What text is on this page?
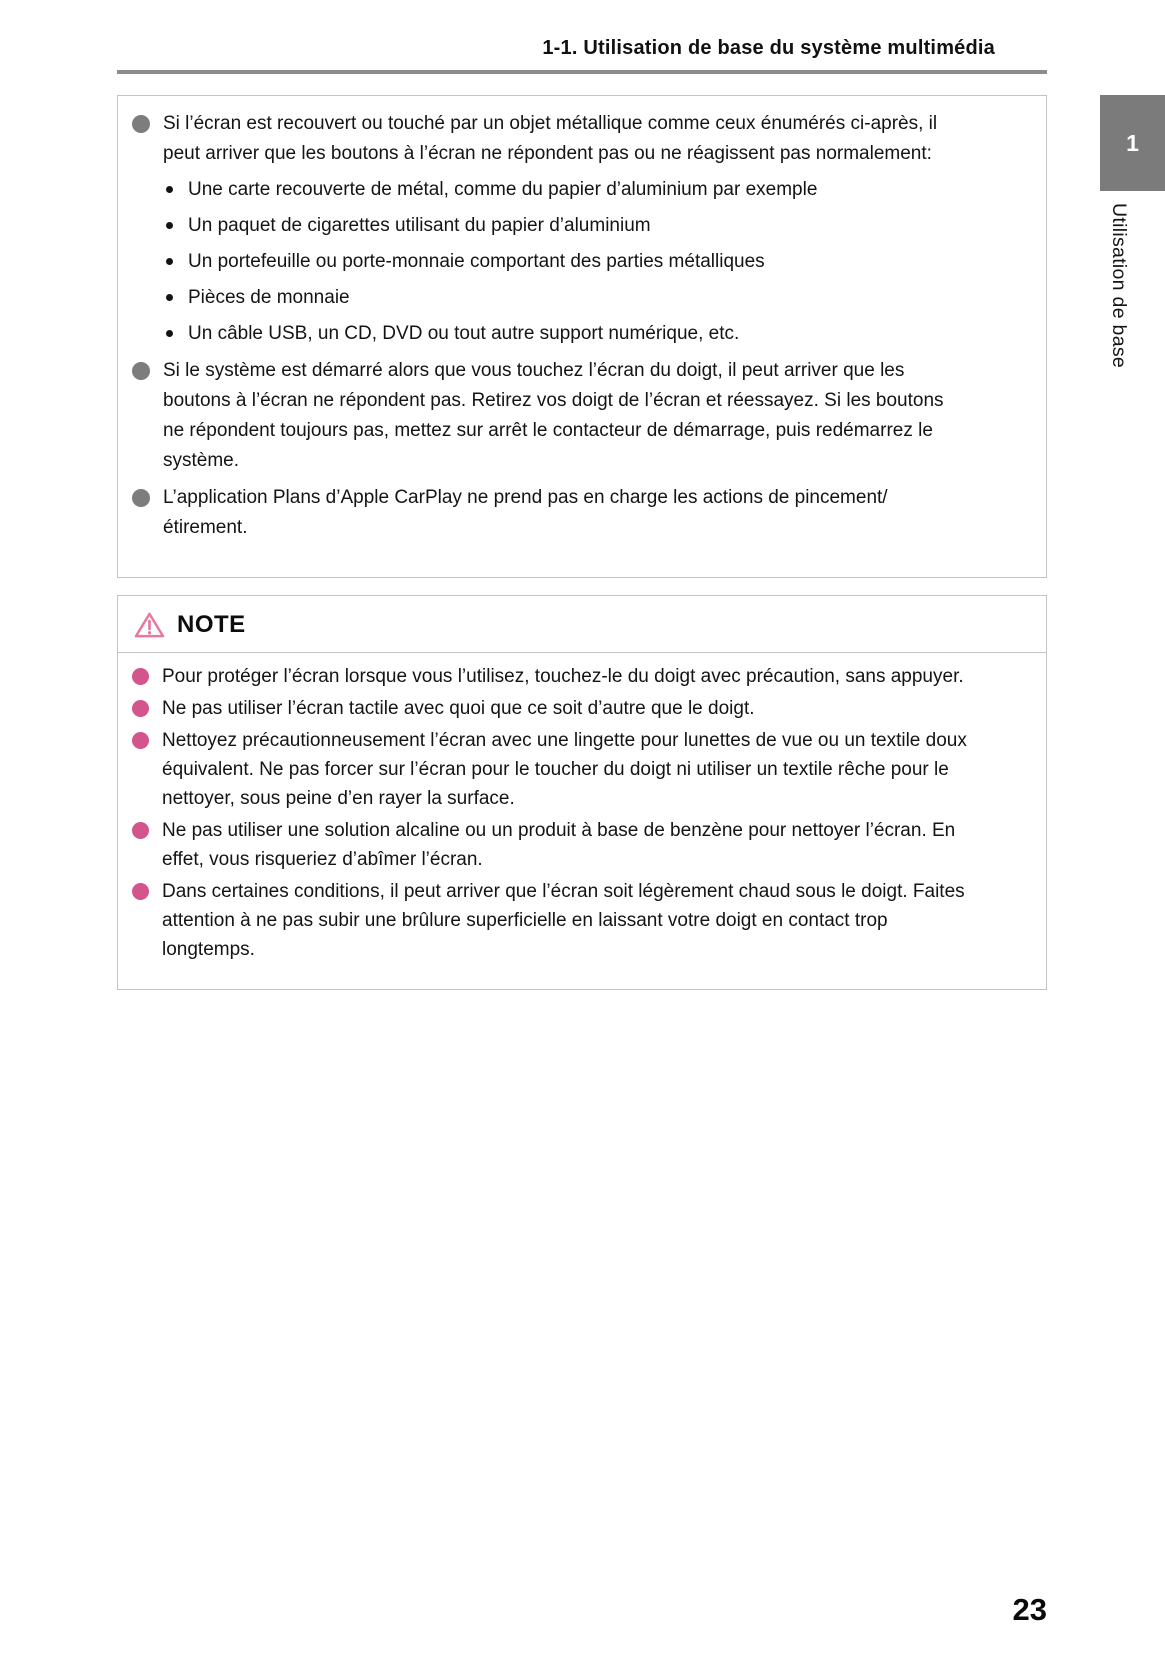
1-1. Utilisation de base du système multimédia
1
Utilisation de base
Si l’écran est recouvert ou touché par un objet métallique comme ceux énumérés ci-après, il peut arriver que les boutons à l’écran ne répondent pas ou ne réagissent pas normalement:
Une carte recouverte de métal, comme du papier d’aluminium par exemple
Un paquet de cigarettes utilisant du papier d’aluminium
Un portefeuille ou porte-monnaie comportant des parties métalliques
Pièces de monnaie
Un câble USB, un CD, DVD ou tout autre support numérique, etc.
Si le système est démarré alors que vous touchez l’écran du doigt, il peut arriver que les boutons à l’écran ne répondent pas. Retirez vos doigt de l’écran et réessayez. Si les boutons ne répondent toujours pas, mettez sur arrêt le contacteur de démarrage, puis redémarrez le système.
L’application Plans d’Apple CarPlay ne prend pas en charge les actions de pincement/étirement.
NOTE
Pour protéger l’écran lorsque vous l’utilisez, touchez-le du doigt avec précaution, sans appuyer.
Ne pas utiliser l’écran tactile avec quoi que ce soit d’autre que le doigt.
Nettoyez précautionneusement l’écran avec une lingette pour lunettes de vue ou un textile doux équivalent. Ne pas forcer sur l’écran pour le toucher du doigt ni utiliser un textile rêche pour le nettoyer, sous peine d’en rayer la surface.
Ne pas utiliser une solution alcaline ou un produit à base de benzène pour nettoyer l’écran. En effet, vous risqueriez d’abîmer l’écran.
Dans certaines conditions, il peut arriver que l’écran soit légèrement chaud sous le doigt. Faites attention à ne pas subir une brûlure superficielle en laissant votre doigt en contact trop longtemps.
23
